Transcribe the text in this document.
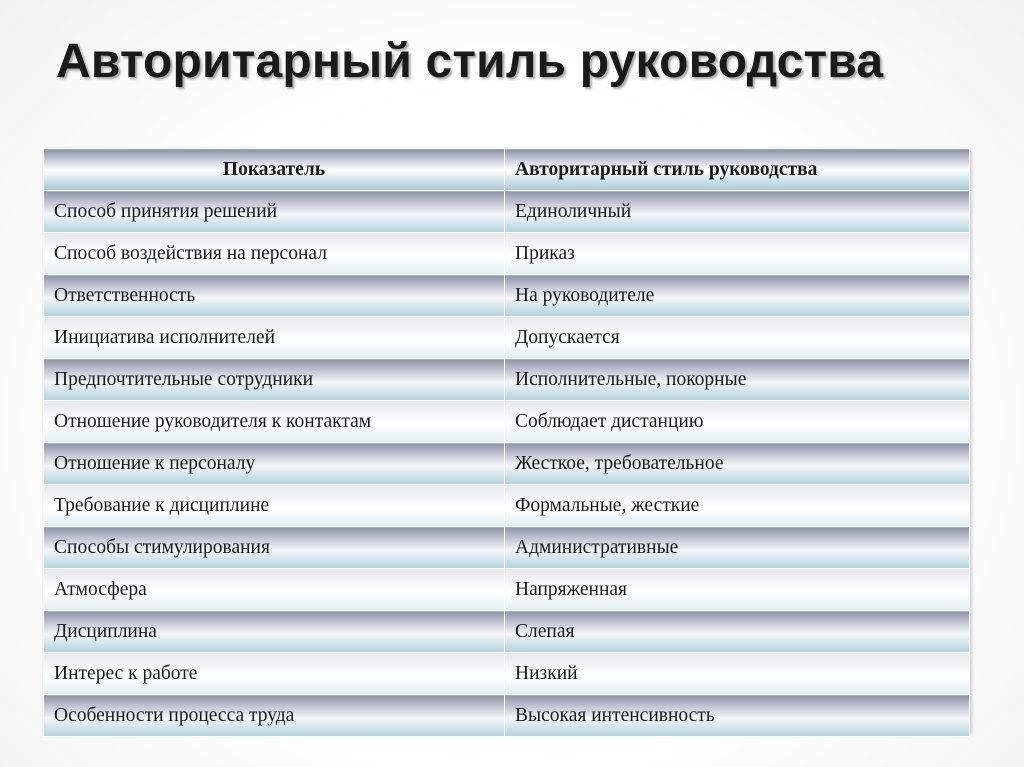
Авторитарный стиль руководства
Показатель	Авторитарный стиль руководства
Способ принятия решений	Единоличный
Способ воздействия на персонал	Приказ
Ответственность	На руководителе
Инициатива исполнителей	Допускается
Предпочтительные сотрудники	Исполнительные, покорные
Отношение руководителя к контактам	Соблюдает дистанцию
Отношение к персоналу	Жесткое, требовательное
Требование к дисциплине	Формальные, жесткие
Способы стимулирования	Административные
Атмосфера	Напряженная
Дисциплина	Слепая
Интерес к работе	Низкий
Особенности процесса труда	Высокая интенсивность
